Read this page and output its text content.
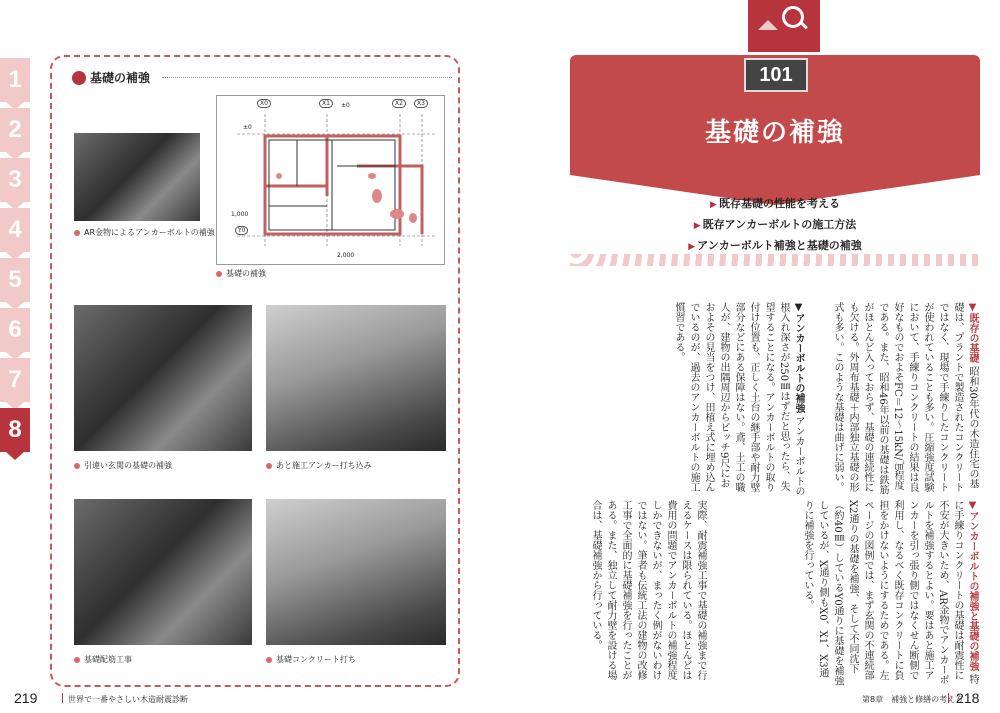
1
2
3
4
5
6
7
8
基礎の補強
AR金物によるアンカーボルトの補強
X0	X1	±0	X2	X3
±0
1,000
Y0
2,000
基礎の補強
引違い玄関の基礎の補強	あと施工アンカー打ち込み
基礎配筋工事	基礎コンクリート打ち
219	世界で一番やさしい木造耐震診断
101
基礎の補強
▶ 既存基礎の性能を考える
▶ 既存アンカーボルトの施工方法
▶ アンカーボルト補強と基礎の補強
▼既存の基礎 昭和30年代の木造住宅の基礎は、プラントで製造されたコンクリートではなく、現場で手練りしたコンクリートが使われていることも多い。圧縮強度試験において、手練りコンクリートの結果は良好なものでおよそFC＝12～15kN/㎠程度である。また、昭和46年以前の基礎は鉄筋がほとんど入っておらず、基礎の連続性にも欠ける。外周布基礎＋内部独立基礎の形式も多い。このような基礎は曲げに弱い。
▼アンカーボルトの補強 アンカーボルトの根入れ深さが250㎜はずだと思ったら、失望することになる。アンカーボルトの取り付け位置も、正しく土台の継手部や耐力壁部分などにある保障はない。鳶、土工の職人が、建物の出隅周辺からピッチ9尺におおよその見当をつけ、田植え式に埋め込んでいるのが、過去のアンカーボルトの施工慣習である。
▼アンカーボルトの補強と基礎の補強 特に手練りコンクリートの基礎は耐震性に不安が大きいため、AR金物でアンカーボルトを補強するとよい。要はあと施工アンカーを引っ張り側ではなくせん断側で利用し、なるべく既存コンクリートに負担をかけないようにするためである。左ページの図例では、まず玄関の不連続部X2通りの基礎を補強、そして不同沈下（約40㎜）しているY0通りに基礎を補強しているが、X通り側もX0、X1、X3通りに補強を行っている。
実際、耐震補強工事で基礎の補強まで行えるケースは限られている。ほとんどは費用の問題でアンカーボルトの補強程度しかできないが、まったく例がないわけではない。筆者も伝統工法の建物の改修工事で全面的に基礎補強を行ったことがある。また、独立して耐力壁を設ける場合は、基礎補強から行っている。
第8章　補強と修繕の考え方
218
